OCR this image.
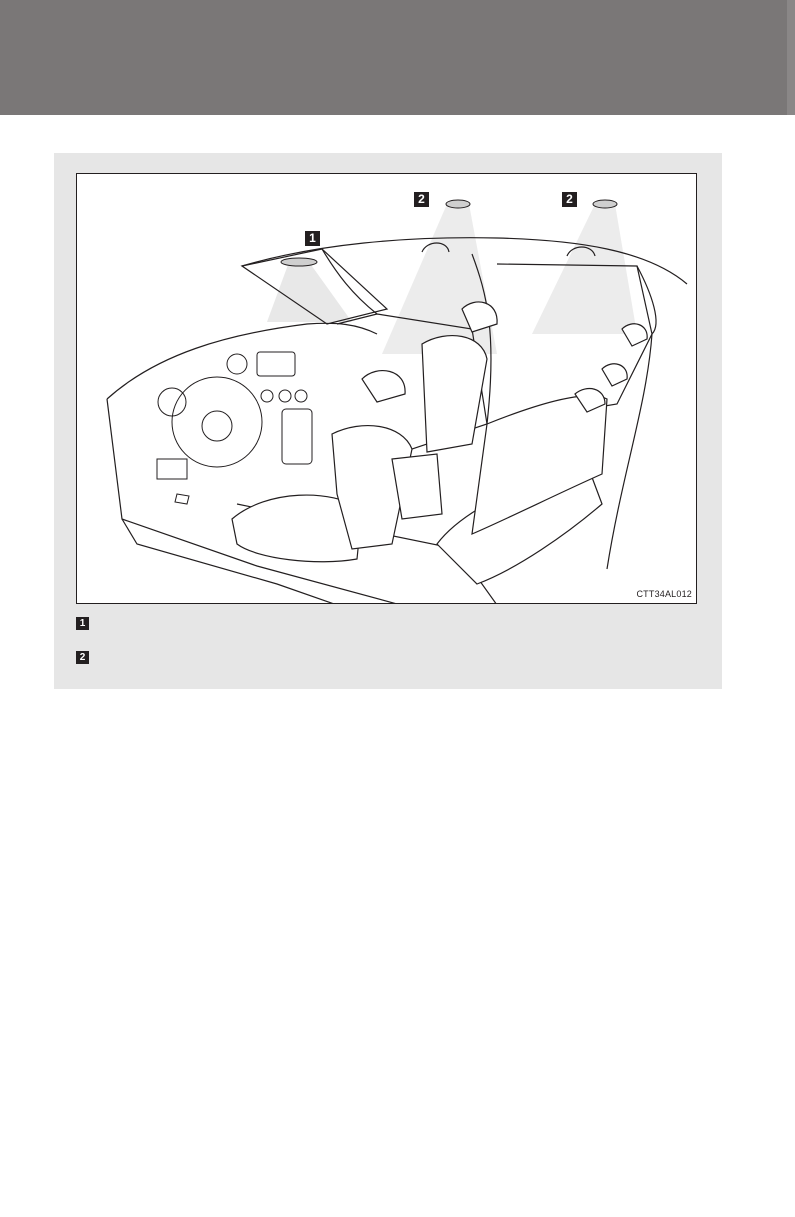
1
2	2
CTT34AL012
1
2
